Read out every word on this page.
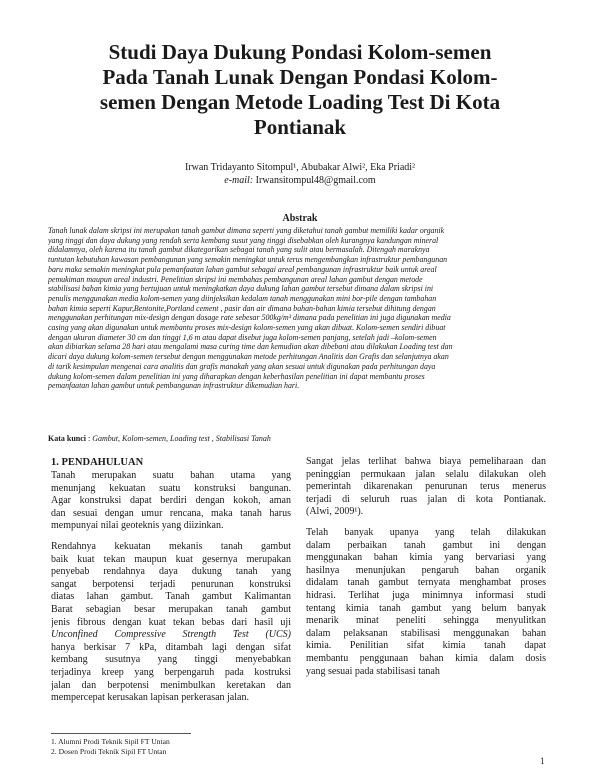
Studi Daya Dukung Pondasi Kolom-semen
Pada Tanah Lunak Dengan Pondasi Kolom-
semen Dengan Metode Loading Test Di Kota
Pontianak
Irwan Tridayanto Sitompul¹, Abubakar Alwi², Eka Priadi²
e-mail: Irwansitompul48@gmail.com
Abstrak
Tanah lunak dalam skripsi ini merupakan tanah gambut dimana seperti yang diketahui tanah gambut memiliki kadar organik
yang tinggi dan daya dukung yang rendah serta kembang susut yang tinggi disebabkan oleh kurangnya kandungan mineral
didalamnya, oleh karena itu tanah gambut dikategorikan sebagai tanah yang sulit atau bermasalah. Ditengah maraknya
tuntutan kebutuhan kawasan pembangunan yang semakin meningkat untuk terus mengembangkan infrastruktur pembangunan
baru maka semakin meningkat pula pemanfaatan lahan gambut sebagai areal pembangunan infrastruktur baik untuk areal
pemukiman maupun areal industri. Penelitian skripsi ini membahas pembangunan areal lahan gambut dengan metode
stabilisasi bahan kimia yang bertujuan untuk meningkatkan daya dukung lahan gambut tersebut dimana dalam skripsi ini
penulis menggunakan media kolom-semen yang diinjeksikan kedalam tanah menggunakan mini bor-pile dengan tambahan
bahan kimia seperti Kapur,Bentonite,Portland cement , pasir dan air dimana bahan-bahan kimia tersebut dihitung dengan
menggunakan perhitungan mix-design dengan dosage rate sebesar 500kg/m³ dimana pada penelitian ini juga digunakan media
casing yang akan digunakan untuk membantu proses mix-design kolom-semen yang akan dibuat. Kolom-semen sendiri dibuat
dengan ukuran diameter 30 cm dan tinggi 1,6 m atau dapat disebut juga kolom-semen panjang, setelah jadi –kolom-semen
akan dibiarkan selama 28 hari atau mengalami masa curing time dan kemudian akan dibebani atau dilakukan Loading test dan
dicari daya dukung kolom-semen tersebut dengan menggunakan metode perhitungan Analitis dan Grafis dan selanjutnya akan
di tarik kesimpulan mengenai cara analitis dan grafis manakah yang akan sesuai untuk digunakan pada perhitungan daya
dukung kolom-semen dalam penelitian ini yang diharapkan dengan keberhasilan penelitian ini dapat membantu proses
pemanfaatan lahan gambut untuk pembangunan infrastruktur dikemudian hari.
Kata kunci : Gambut, Kolom-semen, Loading test , Stabilisasi Tanah
1. PENDAHULUAN
Tanah merupakan suatu bahan utama yang
menunjang kekuatan suatu konstruksi bangunan.
Agar konstruksi dapat berdiri dengan kokoh, aman
dan sesuai dengan umur rencana, maka tanah harus
mempunyai nilai geoteknis yang diizinkan.
Rendahnya kekuatan mekanis tanah gambut
baik kuat tekan maupun kuat gesernya merupakan
penyebab rendahnya daya dukung tanah yang
sangat berpotensi terjadi penurunan konstruksi
diatas lahan gambut. Tanah gambut Kalimantan
Barat sebagian besar merupakan tanah gambut
jenis fibrous dengan kuat tekan bebas dari hasil uji
Unconfined Compressive Strength Test (UCS)
hanya berkisar 7 kPa, ditambah lagi dengan sifat
kembang susutnya yang tinggi menyebabkan
terjadinya kreep yang berpengaruh pada kostruksi
jalan dan berpotensi menimbulkan keretakan dan
mempercepat kerusakan lapisan perkerasan jalan.
Sangat jelas terlihat bahwa biaya pemeliharaan dan
peninggian permukaan jalan selalu dilakukan oleh
pemerintah dikarenakan penurunan terus menerus
terjadi di seluruh ruas jalan di kota Pontianak.
(Alwi, 2009¹).
Telah banyak upanya yang telah dilakukan
dalam perbaikan tanah gambut ini dengan
menggunakan bahan kimia yang bervariasi yang
hasilnya menunjukan pengaruh bahan organik
didalam tanah gambut ternyata menghambat proses
hidrasi. Terlihat juga minimnya informasi studi
tentang kimia tanah gambut yang belum banyak
menarik minat peneliti sehingga menyulitkan
dalam pelaksanan stabilisasi menggunakan bahan
kimia. Penilitian sifat kimia tanah dapat
membantu penggunaan bahan kimia dalam dosis
yang sesuai pada stabilisasi tanah
1. Alumni Prodi Teknik Sipil FT Untan
2. Dosen Prodi Teknik Sipil FT Untan
1
